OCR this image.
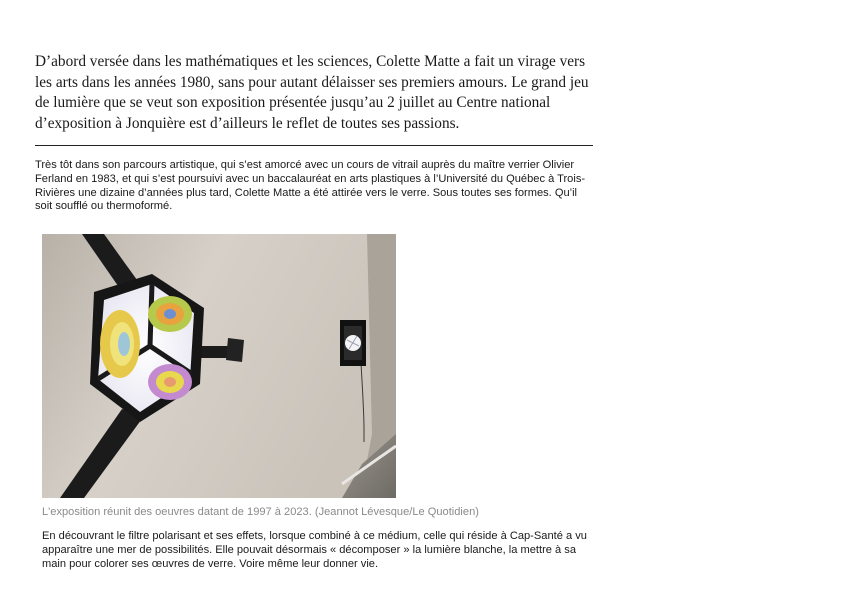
D’abord versée dans les mathématiques et les sciences, Colette Matte a fait un virage vers les arts dans les années 1980, sans pour autant délaisser ses premiers amours. Le grand jeu de lumière que se veut son exposition présentée jusqu’au 2 juillet au Centre national d’exposition à Jonquière est d’ailleurs le reflet de toutes ses passions.

Très tôt dans son parcours artistique, qui s’est amorcé avec un cours de vitrail auprès du maître verrier Olivier Ferland en 1983, et qui s’est poursuivi avec un baccalauréat en arts plastiques à l’Université du Québec à Trois-Rivières une dizaine d’années plus tard, Colette Matte a été attirée vers le verre. Sous toutes ses formes. Qu’il soit soufflé ou thermoformé.

L'exposition réunit des oeuvres datant de 1997 à 2023. (Jeannot Lévesque/Le Quotidien)

En découvrant le filtre polarisant et ses effets, lorsque combiné à ce médium, celle qui réside à Cap-Santé a vu apparaître une mer de possibilités. Elle pouvait désormais « décomposer » la lumière blanche, la mettre à sa main pour colorer ses œuvres de verre. Voire même leur donner vie.
